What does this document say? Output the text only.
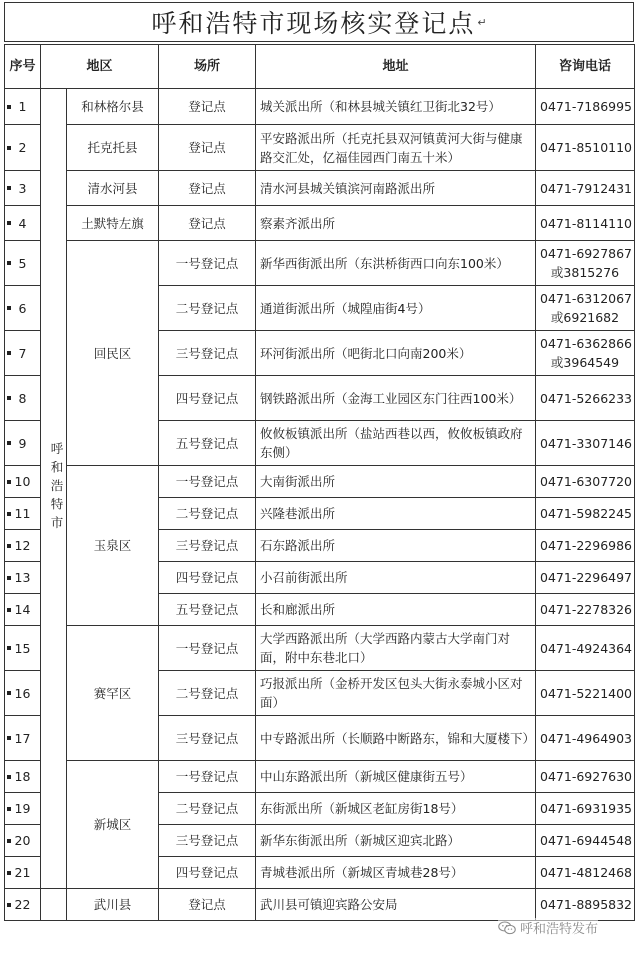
呼和浩特市现场核实登记点 ↵
序号	地区		场所	地址	咨询电话

1	呼和浩特市	和林格尔县	登记点	城关派出所（和林县城关镇红卫街北32号）	0471-7186995

2		托克托县	登记点	平安路派出所（托克托县双河镇黄河大街与健康路交汇处，亿福佳园西门南五十米）	0471-8510110

3		清水河县	登记点	清水河县城关镇滨河南路派出所	0471-7912431

4		土默特左旗	登记点	察素齐派出所	0471-8114110

5		回民区	一号登记点	新华西街派出所（东洪桥街西口向东100米）	0471-6927867
或3815276

6			二号登记点	通道街派出所（城隍庙街4号）	0471-6312067
或6921682

7			三号登记点	环河街派出所（吧街北口向南200米）	0471-6362866
或3964549

8			四号登记点	钢铁路派出所（金海工业园区东门往西100米）	0471-5266233

9			五号登记点	攸攸板镇派出所（盐站西巷以西，攸攸板镇政府东侧）	0471-3307146

10		玉泉区	一号登记点	大南街派出所	0471-6307720

11			二号登记点	兴隆巷派出所	0471-5982245

12			三号登记点	石东路派出所	0471-2296986

13			四号登记点	小召前街派出所	0471-2296497

14			五号登记点	长和廊派出所	0471-2278326

15		赛罕区	一号登记点	大学西路派出所（大学西路内蒙古大学南门对面，附中东巷北口）	0471-4924364

16			二号登记点	巧报派出所（金桥开发区包头大街永泰城小区对面）	0471-5221400

17			三号登记点	中专路派出所（长顺路中断路东，锦和大厦楼下）	0471-4964903

18		新城区	一号登记点	中山东路派出所（新城区健康街五号）	0471-6927630

19			二号登记点	东街派出所（新城区老缸房街18号）	0471-6931935

20			三号登记点	新华东街派出所（新城区迎宾北路）	0471-6944548

21			四号登记点	青城巷派出所（新城区青城巷28号）	0471-4812468

22		武川县	登记点	武川县可镇迎宾路公安局	0471-8895832
呼和浩特发布
